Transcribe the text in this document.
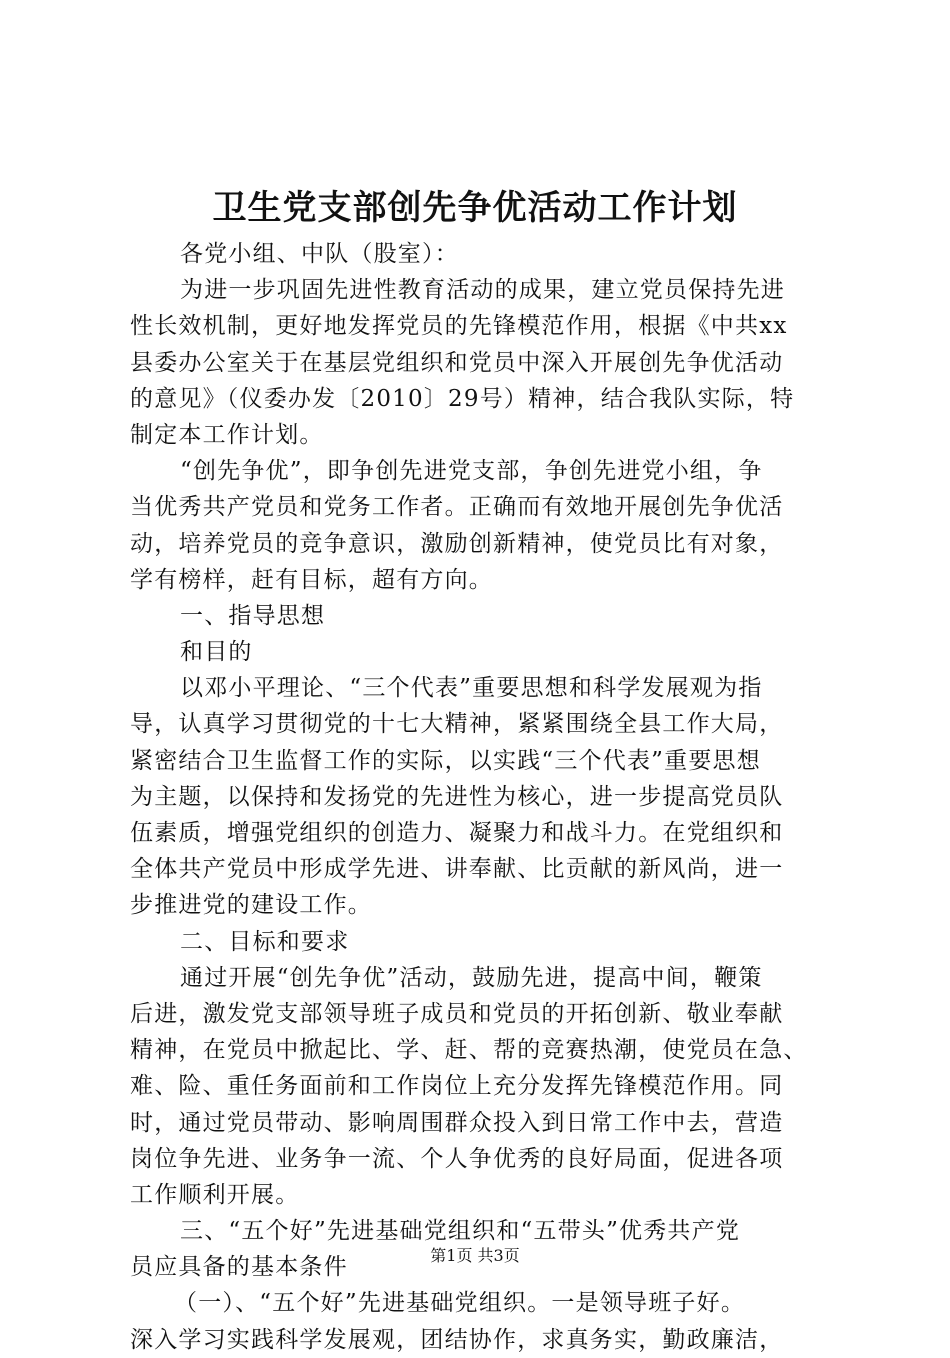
卫生党支部创先争优活动工作计划
各党小组、中队（股室）：
为进一步巩固先进性教育活动的成果，建立党员保持先进
性长效机制，更好地发挥党员的先锋模范作用，根据《中共xx
县委办公室关于在基层党组织和党员中深入开展创先争优活动
的意见》（仪委办发〔2010〕29号）精神，结合我队实际，特
制定本工作计划。
“创先争优”，即争创先进党支部，争创先进党小组，争
当优秀共产党员和党务工作者。正确而有效地开展创先争优活
动，培养党员的竞争意识，激励创新精神，使党员比有对象，
学有榜样，赶有目标，超有方向。
一、指导思想
和目的
以邓小平理论、“三个代表”重要思想和科学发展观为指
导，认真学习贯彻党的十七大精神，紧紧围绕全县工作大局，
紧密结合卫生监督工作的实际，以实践“三个代表”重要思想
为主题，以保持和发扬党的先进性为核心，进一步提高党员队
伍素质，增强党组织的创造力、凝聚力和战斗力。在党组织和
全体共产党员中形成学先进、讲奉献、比贡献的新风尚，进一
步推进党的建设工作。
二、目标和要求
通过开展“创先争优”活动，鼓励先进，提高中间，鞭策
后进，激发党支部领导班子成员和党员的开拓创新、敬业奉献
精神，在党员中掀起比、学、赶、帮的竞赛热潮，使党员在急、
难、险、重任务面前和工作岗位上充分发挥先锋模范作用。同
时，通过党员带动、影响周围群众投入到日常工作中去，营造
岗位争先进、业务争一流、个人争优秀的良好局面，促进各项
工作顺利开展。
三、“五个好”先进基础党组织和“五带头”优秀共产党
员应具备的基本条件
（一）、“五个好”先进基础党组织。一是领导班子好。
深入学习实践科学发展观，团结协作，求真务实，勤政廉洁，
第1页 共3页
